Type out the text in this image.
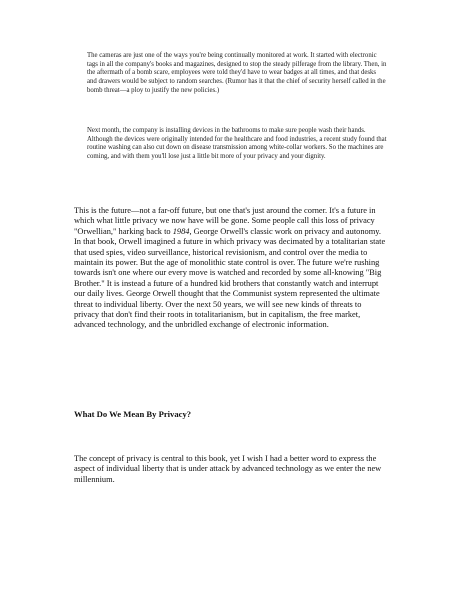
The cameras are just one of the ways you're being continually monitored at work. It started with electronic tags in all the company's books and magazines, designed to stop the steady pilferage from the library. Then, in the aftermath of a bomb scare, employees were told they'd have to wear badges at all times, and that desks and drawers would be subject to random searches. (Rumor has it that the chief of security herself called in the bomb threat—a ploy to justify the new policies.)

Next month, the company is installing devices in the bathrooms to make sure people wash their hands. Although the devices were originally intended for the healthcare and food industries, a recent study found that routine washing can also cut down on disease transmission among white-collar workers. So the machines are coming, and with them you'll lose just a little bit more of your privacy and your dignity.

This is the future—not a far-off future, but one that's just around the corner. It's a future in which what little privacy we now have will be gone. Some people call this loss of privacy "Orwellian," harking back to 1984, George Orwell's classic work on privacy and autonomy. In that book, Orwell imagined a future in which privacy was decimated by a totalitarian state that used spies, video surveillance, historical revisionism, and control over the media to maintain its power. But the age of monolithic state control is over. The future we're rushing towards isn't one where our every move is watched and recorded by some all-knowing "Big Brother." It is instead a future of a hundred kid brothers that constantly watch and interrupt our daily lives. George Orwell thought that the Communist system represented the ultimate threat to individual liberty. Over the next 50 years, we will see new kinds of threats to privacy that don't find their roots in totalitarianism, but in capitalism, the free market, advanced technology, and the unbridled exchange of electronic information.

What Do We Mean By Privacy?

The concept of privacy is central to this book, yet I wish I had a better word to express the aspect of individual liberty that is under attack by advanced technology as we enter the new millennium.
